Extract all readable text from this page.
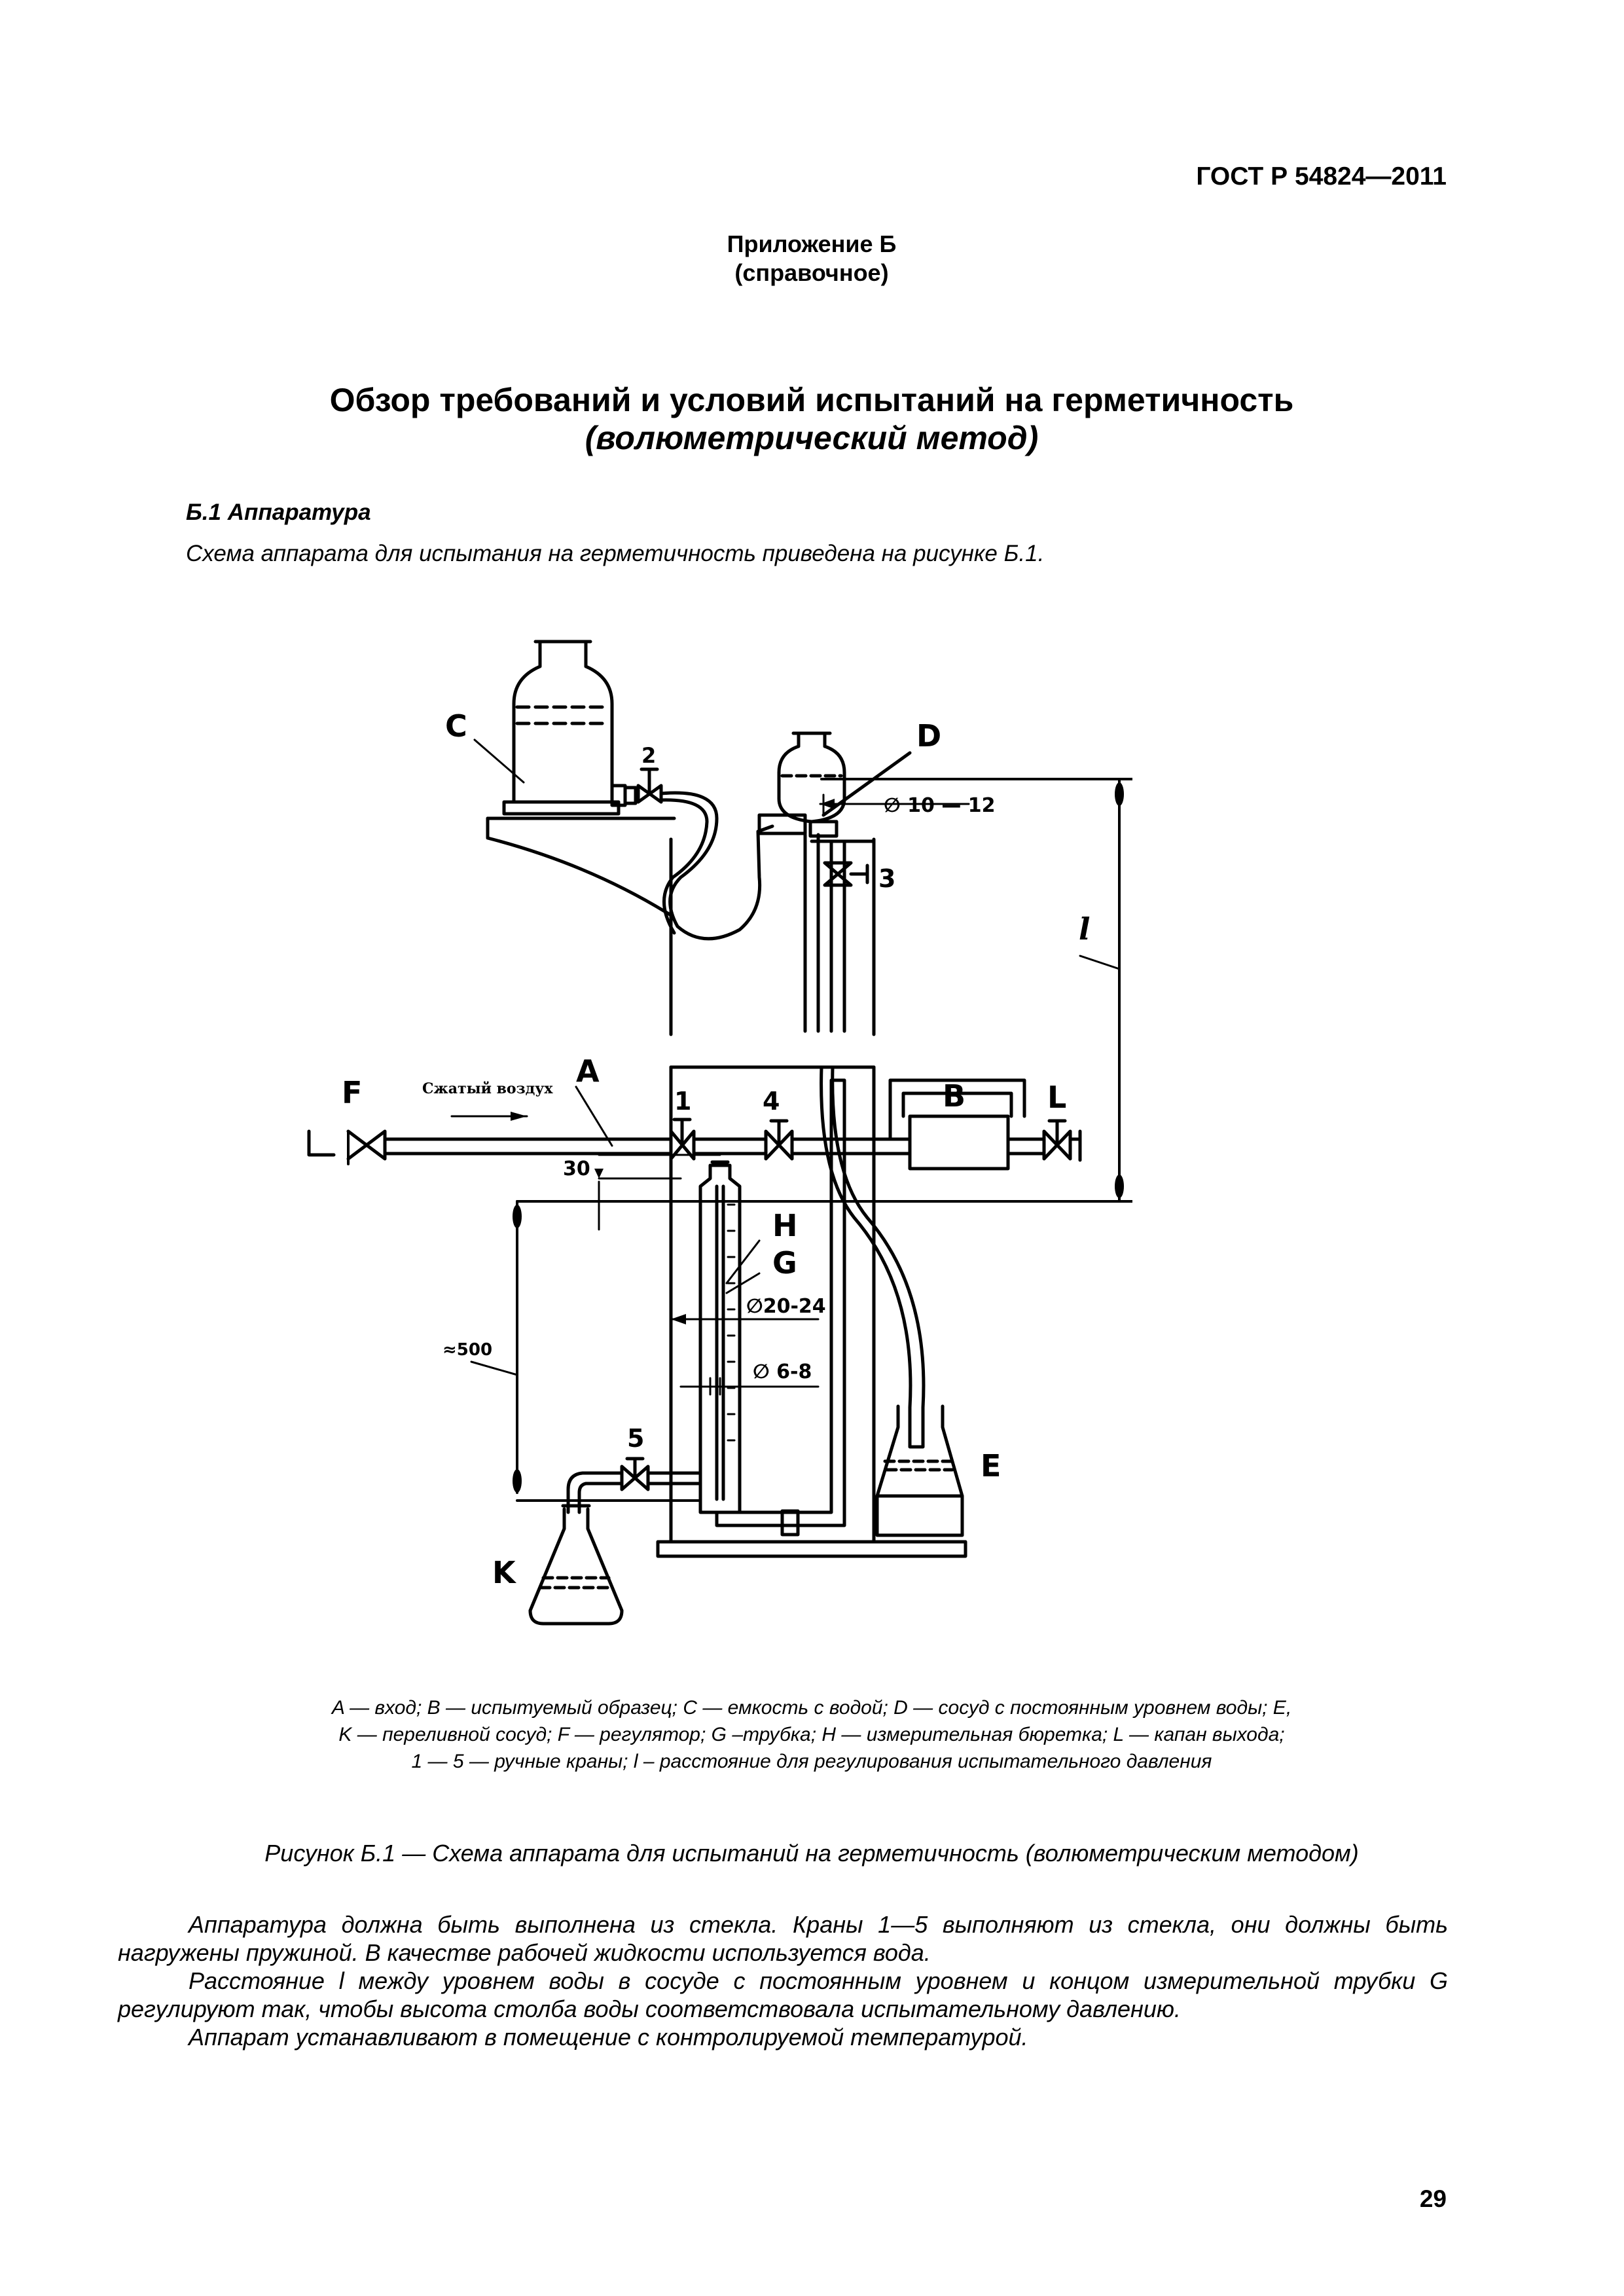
ГОСТ Р 54824—2011
Приложение Б
(справочное)
Обзор требований и условий испытаний на герметичность
(волюметрический метод)
Б.1 Аппаратура
Схема аппарата для испытания на герметичность приведена на рисунке Б.1.
C
2
D
∅ 10 — 12
3
l
F	Сжатый воздух A
1	4	B	L
30
H
G
∅20-24
∅ 6-8
≈500
5
E
K
A — вход; B — испытуемый образец; C — емкость с водой; D — сосуд с постоянным уровнем воды; E,
K — переливной сосуд; F — регулятор; G –трубка; H — измерительная бюретка; L — капан выхода;
1 — 5 — ручные краны; l – расстояние для регулирования испытательного давления
Рисунок Б.1 — Схема аппарата для испытаний на герметичность (волюметрическим методом)
Аппаратура должна быть выполнена из стекла. Краны 1—5 выполняют из стекла, они должны быть нагружены пружиной. В качестве рабочей жидкости используется вода.
Расстояние l между уровнем воды в сосуде с постоянным уровнем и концом измерительной трубки G регулируют так, чтобы высота столба воды соответствовала испытательному давлению.
Аппарат устанавливают в помещение с контролируемой температурой.
29
